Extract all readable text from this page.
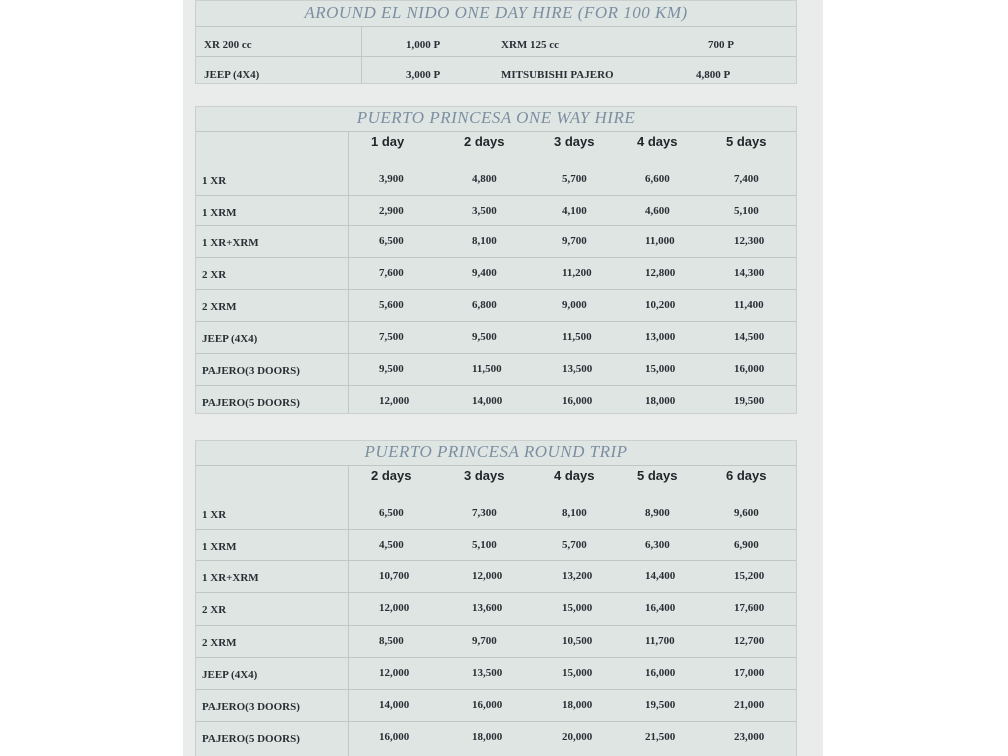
AROUND EL NIDO ONE DAY HIRE (FOR 100 KM)
XR 200 cc	1,000 P	XRM 125 cc	700 P
JEEP (4X4)	3,000 P	MITSUBISHI PAJERO	4,800 P
PUERTO PRINCESA ONE WAY HIRE
1 day	2 days	3 days	4 days	5 days
1 XR	3,900	4,800	5,700	6,600	7,400
1 XRM	2,900	3,500	4,100	4,600	5,100
1 XR+XRM	6,500	8,100	9,700	11,000	12,300
2 XR	7,600	9,400	11,200	12,800	14,300
2 XRM	5,600	6,800	9,000	10,200	11,400
JEEP (4X4)	7,500	9,500	11,500	13,000	14,500
PAJERO(3 DOORS)	9,500	11,500	13,500	15,000	16,000
PAJERO(5 DOORS)	12,000	14,000	16,000	18,000	19,500
PUERTO PRINCESA ROUND TRIP
2 days	3 days	4 days	5 days	6 days
1 XR	6,500	7,300	8,100	8,900	9,600
1 XRM	4,500	5,100	5,700	6,300	6,900
1 XR+XRM	10,700	12,000	13,200	14,400	15,200
2 XR	12,000	13,600	15,000	16,400	17,600
2 XRM	8,500	9,700	10,500	11,700	12,700
JEEP (4X4)	12,000	13,500	15,000	16,000	17,000
PAJERO(3 DOORS)	14,000	16,000	18,000	19,500	21,000
PAJERO(5 DOORS)	16,000	18,000	20,000	21,500	23,000
